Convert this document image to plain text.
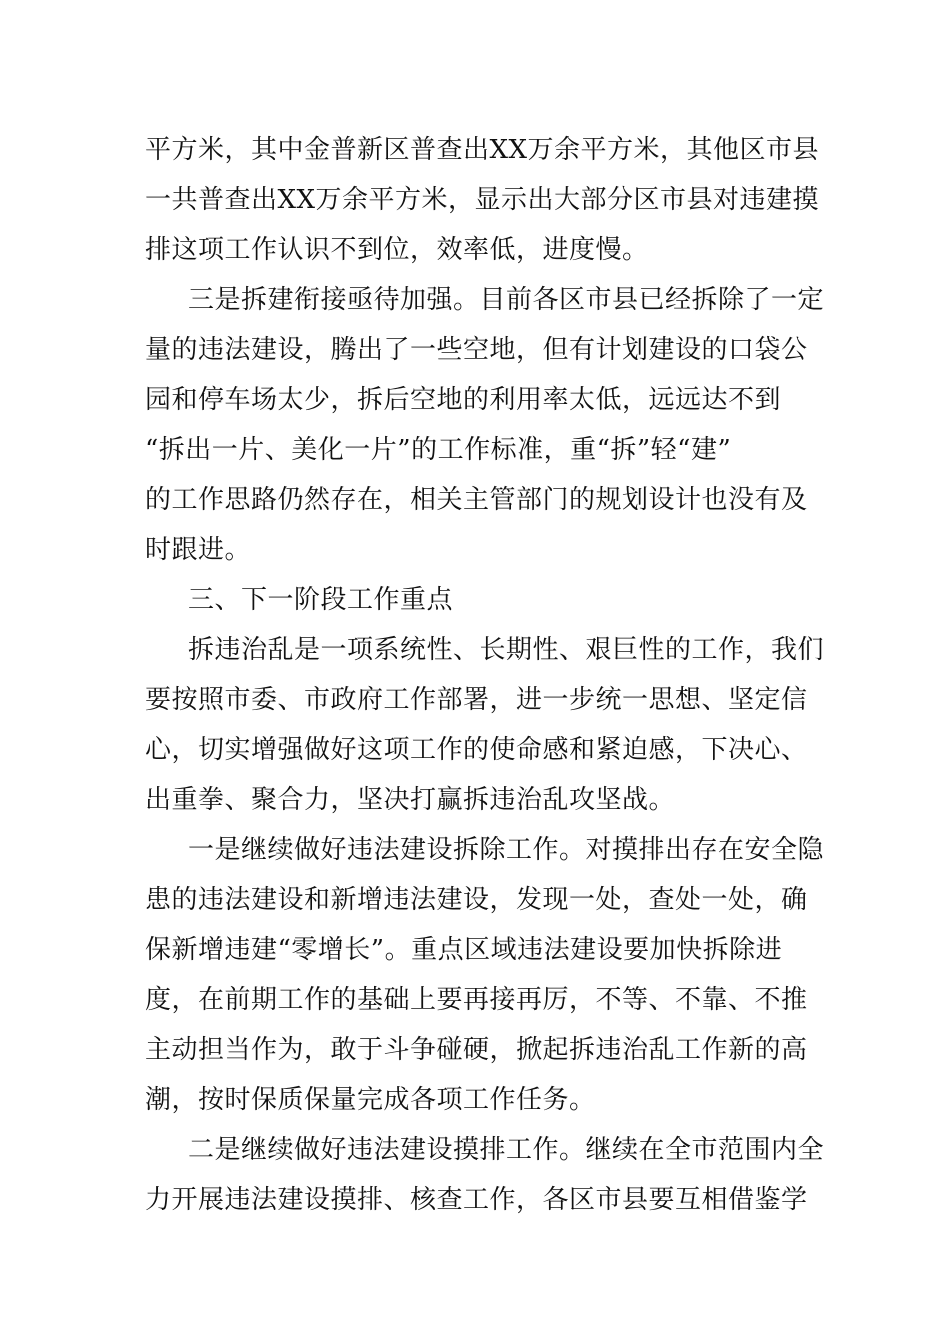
平方米，其中金普新区普查出XX万余平方米，其他区市县
一共普查出XX万余平方米，显示出大部分区市县对违建摸
排这项工作认识不到位，效率低，进度慢。
三是拆建衔接亟待加强。目前各区市县已经拆除了一定
量的违法建设，腾出了一些空地，但有计划建设的口袋公
园和停车场太少，拆后空地的利用率太低，远远达不到
“拆出一片、美化一片”的工作标准，重“拆”轻“建”
的工作思路仍然存在，相关主管部门的规划设计也没有及
时跟进。
三、下一阶段工作重点
拆违治乱是一项系统性、长期性、艰巨性的工作，我们
要按照市委、市政府工作部署，进一步统一思想、坚定信
心，切实增强做好这项工作的使命感和紧迫感，下决心、
出重拳、聚合力，坚决打赢拆违治乱攻坚战。
一是继续做好违法建设拆除工作。对摸排出存在安全隐
患的违法建设和新增违法建设，发现一处，查处一处，确
保新增违建“零增长”。重点区域违法建设要加快拆除进
度，在前期工作的基础上要再接再厉，不等、不靠、不推
主动担当作为，敢于斗争碰硬，掀起拆违治乱工作新的高
潮，按时保质保量完成各项工作任务。
二是继续做好违法建设摸排工作。继续在全市范围内全
力开展违法建设摸排、核查工作，各区市县要互相借鉴学
